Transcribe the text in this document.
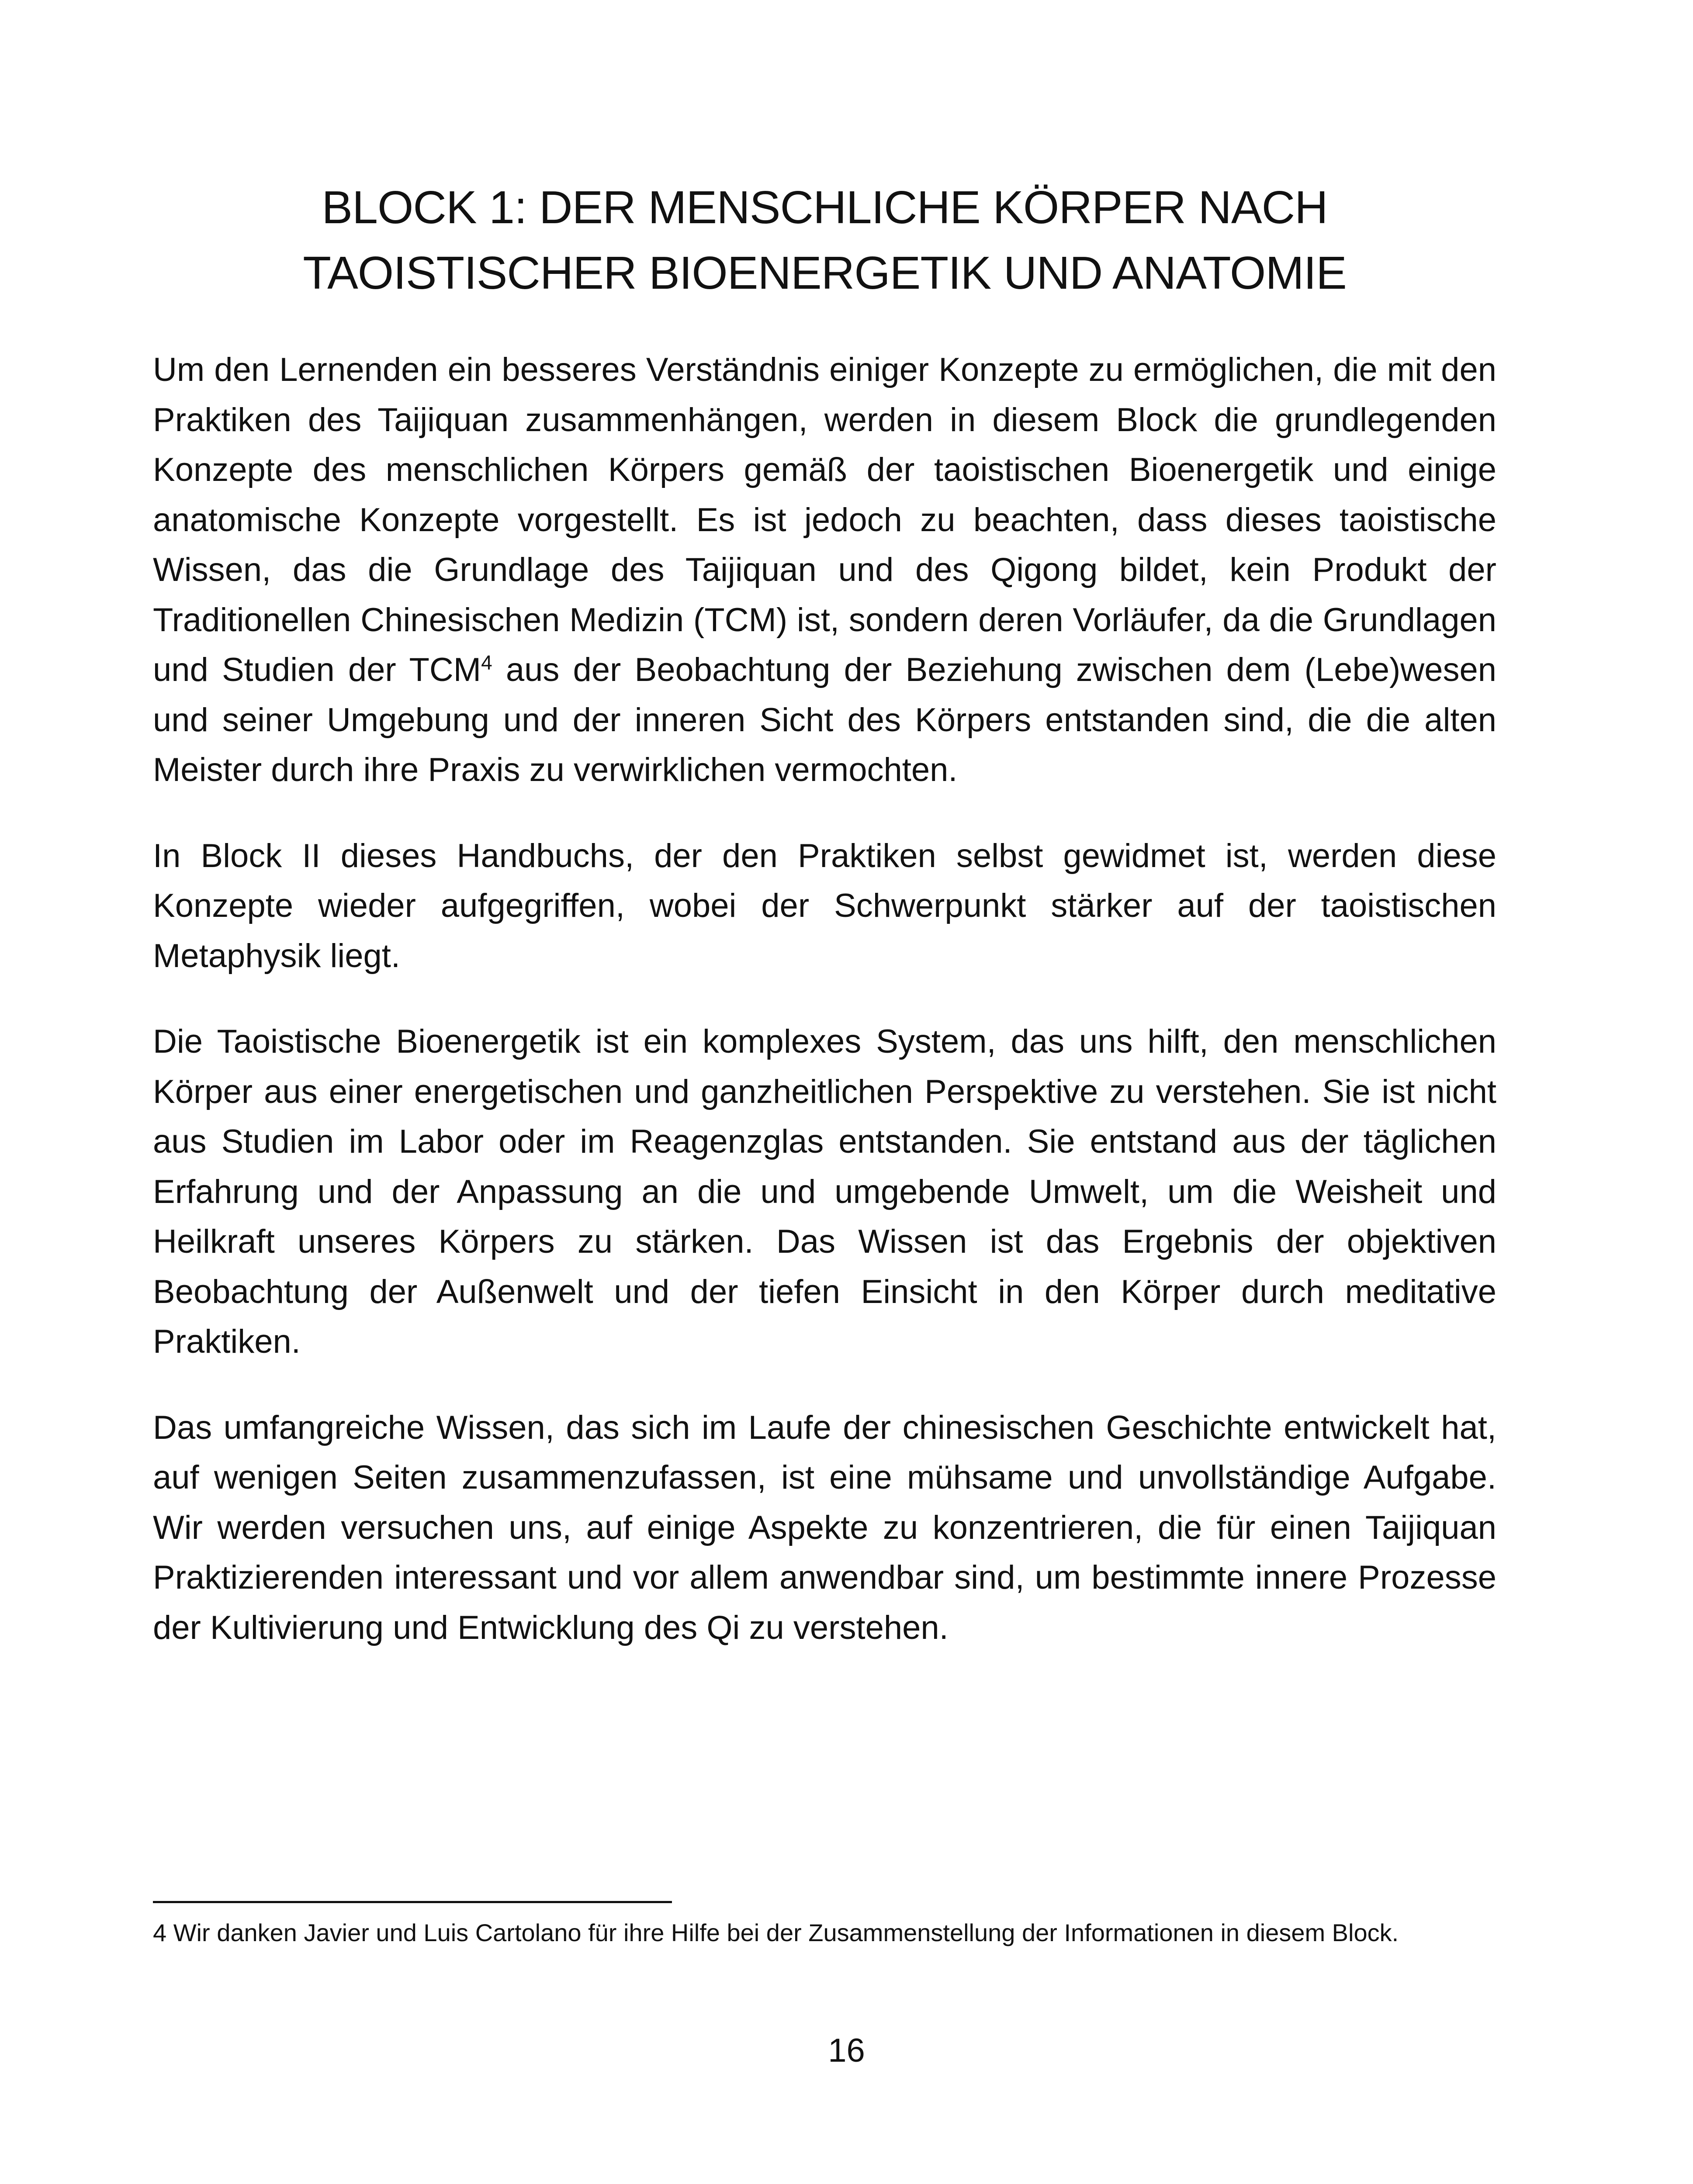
BLOCK 1: DER MENSCHLICHE KÖRPER NACH
TAOISTISCHER BIOENERGETIK UND ANATOMIE

Um den Lernenden ein besseres Verständnis einiger Konzepte zu ermöglichen, die mit den Praktiken des Taijiquan zusammenhängen, werden in diesem Block die grundlegenden Konzepte des menschlichen Körpers gemäß der taoistischen Bioenergetik und einige anatomische Konzepte vorgestellt. Es ist jedoch zu beachten, dass dieses taoistische Wissen, das die Grundlage des Taijiquan und des Qigong bildet, kein Produkt der Traditionellen Chinesischen Medizin (TCM) ist, sondern deren Vorläufer, da die Grundlagen und Studien der TCM$^4$ aus der Beobachtung der Beziehung zwischen dem (Lebe)wesen und seiner Umgebung und der inneren Sicht des Körpers entstanden sind, die die alten Meister durch ihre Praxis zu verwirklichen vermochten.

In Block II dieses Handbuchs, der den Praktiken selbst gewidmet ist, werden diese Konzepte wieder aufgegriffen, wobei der Schwerpunkt stärker auf der taoistischen Metaphysik liegt.

Die Taoistische Bioenergetik ist ein komplexes System, das uns hilft, den menschlichen Körper aus einer energetischen und ganzheitlichen Perspektive zu verstehen. Sie ist nicht aus Studien im Labor oder im Reagenzglas entstanden. Sie entstand aus der täglichen Erfahrung und der Anpassung an die und umgebende Umwelt, um die Weisheit und Heilkraft unseres Körpers zu stärken. Das Wissen ist das Ergebnis der objektiven Beobachtung der Außenwelt und der tiefen Einsicht in den Körper durch meditative Praktiken.

Das umfangreiche Wissen, das sich im Laufe der chinesischen Geschichte entwickelt hat, auf wenigen Seiten zusammenzufassen, ist eine mühsame und unvollständige Aufgabe. Wir werden versuchen uns, auf einige Aspekte zu konzentrieren, die für einen Taijiquan Praktizierenden interessant und vor allem anwendbar sind, um bestimmte innere Prozesse der Kultivierung und Entwicklung des Qi zu verstehen.

4 Wir danken Javier und Luis Cartolano für ihre Hilfe bei der Zusammenstellung der Informationen in diesem Block.

16
